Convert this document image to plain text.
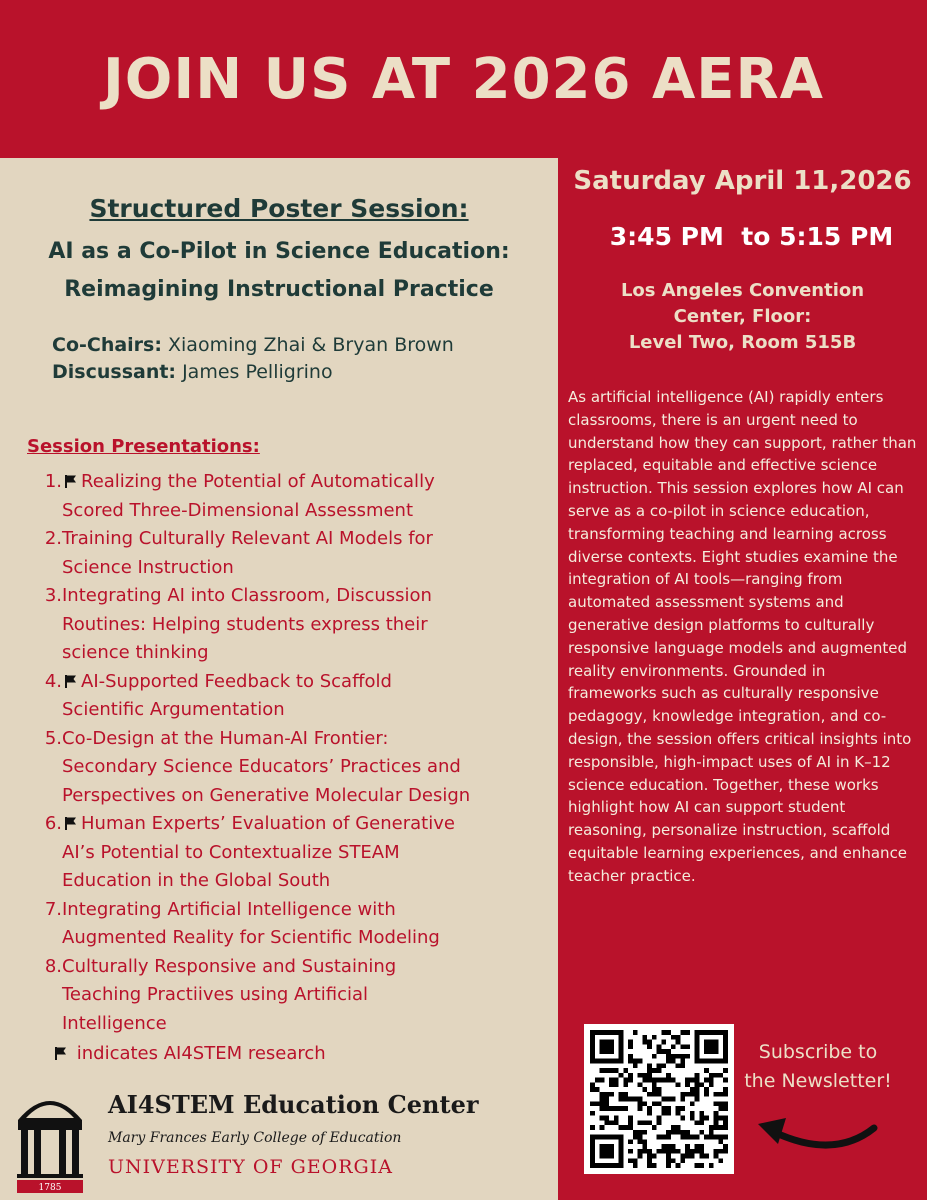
JOIN US AT 2026 AERA
Structured Poster Session:
AI as a Co-Pilot in Science Education:
Reimagining Instructional Practice
Co-Chairs: Xiaoming Zhai & Bryan Brown
Discussant: James Pelligrino
Session Presentations:
1.	Realizing the Potential of Automatically
Scored Three-Dimensional Assessment
2. Training Culturally Relevant AI Models for
Science Instruction
3. Integrating AI into Classroom, Discussion
Routines: Helping students express their
science thinking
4.	AI-Supported Feedback to Scaffold
Scientific Argumentation
5. Co-Design at the Human-AI Frontier:
Secondary Science Educators’ Practices and
Perspectives on Generative Molecular Design
6.	Human Experts’ Evaluation of Generative
AI’s Potential to Contextualize STEAM
Education in the Global South
7. Integrating Artificial Intelligence with
Augmented Reality for Scientific Modeling
8. Culturally Responsive and Sustaining
Teaching Practiives using Artificial
Intelligence
indicates AI4STEM research
1785
AI4STEM Education Center
Mary Frances Early College of Education
UNIVERSITY OF GEORGIA
Saturday April 11,2026
3:45 PM  to 5:15 PM
Los Angeles Convention
Center, Floor:
Level Two, Room 515B
As artificial intelligence (AI) rapidly enters classrooms, there is an urgent need to understand how they can support, rather than replaced, equitable and effective science instruction. This session explores how AI can serve as a co-pilot in science education, transforming teaching and learning across diverse contexts. Eight studies examine the integration of AI tools—ranging from automated assessment systems and generative design platforms to culturally responsive language models and augmented reality environments. Grounded in frameworks such as culturally responsive pedagogy, knowledge integration, and co-design, the session offers critical insights into responsible, high-impact uses of AI in K–12 science education. Together, these works highlight how AI can support student reasoning, personalize instruction, scaffold equitable learning experiences, and enhance teacher practice.
Subscribe to
the Newsletter!
